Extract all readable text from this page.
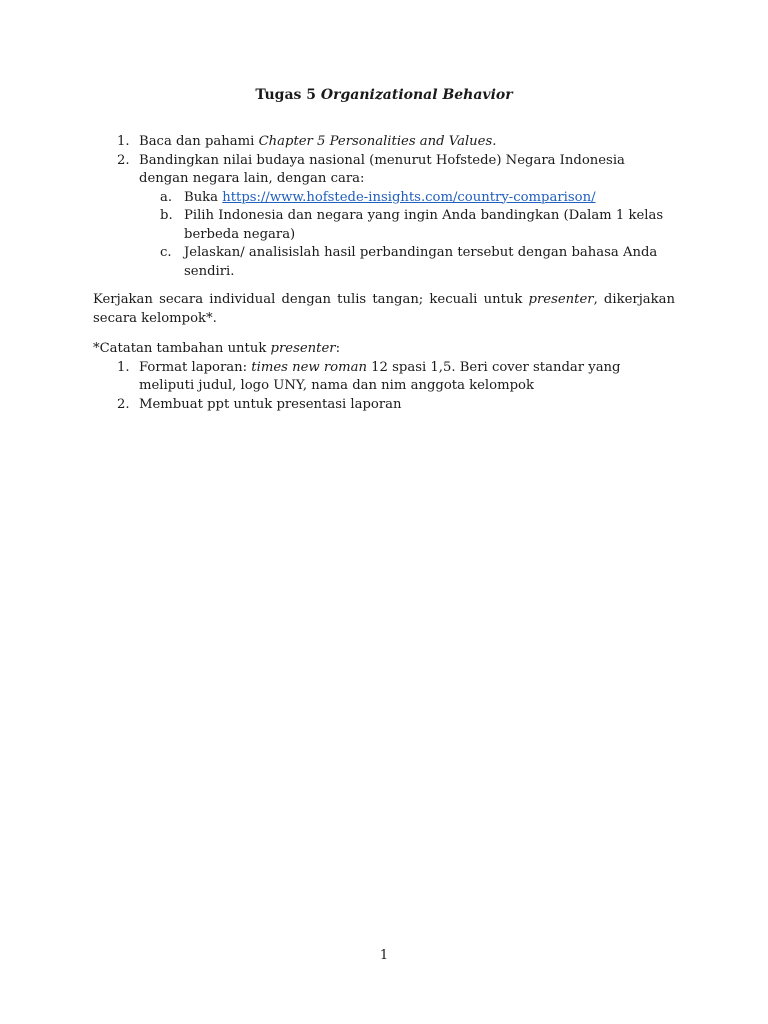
Tugas 5 Organizational Behavior
1. Baca dan pahami Chapter 5 Personalities and Values.
2. Bandingkan nilai budaya nasional (menurut Hofstede) Negara Indonesia dengan negara lain, dengan cara:
a. Buka https://www.hofstede-insights.com/country-comparison/
b. Pilih Indonesia dan negara yang ingin Anda bandingkan (Dalam 1 kelas berbeda negara)
c. Jelaskan/ analisislah hasil perbandingan tersebut dengan bahasa Anda sendiri.
Kerjakan secara individual dengan tulis tangan; kecuali untuk presenter, dikerjakan secara kelompok*.
*Catatan tambahan untuk presenter:
1. Format laporan: times new roman 12 spasi 1,5. Beri cover standar yang meliputi judul, logo UNY, nama dan nim anggota kelompok
2. Membuat ppt untuk presentasi laporan
1
